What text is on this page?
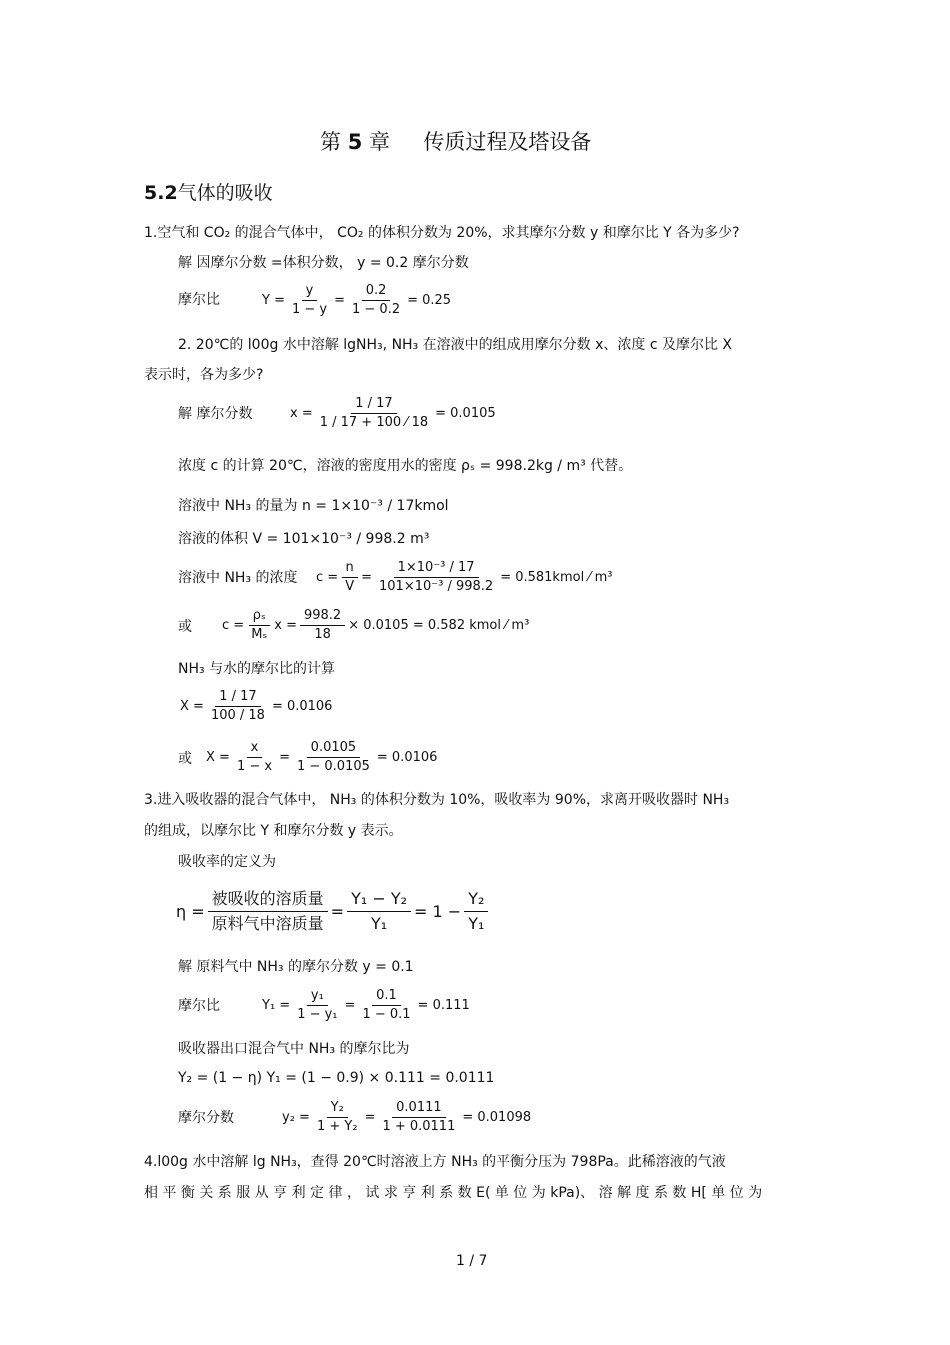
第 5 章 传质过程及塔设备
5.2气体的吸收
1.空气和 CO₂ 的混合气体中， CO₂ 的体积分数为 20%，求其摩尔分数 y 和摩尔比 Y 各为多少?
解 因摩尔分数 =体积分数， y = 0.2 摩尔分数
摩尔比	$Y = \frac{y}{1 - y} = \frac{0.2}{1 - 0.2} = 0.25$
2. 20℃的 l00g 水中溶解 lgNH₃, NH₃ 在溶液中的组成用摩尔分数 x、浓度 c 及摩尔比 X
表示时，各为多少?
解 摩尔分数	$x = \frac{1 / 17}{1 / 17 + 100 ⁄ 18} = 0.0105$
浓度 c 的计算 20℃，溶液的密度用水的密度 ρₛ = 998.2kg / m³ 代替。
溶液中 NH₃ 的量为 n = 1×10⁻³ / 17kmol
溶液的体积 V = 101×10⁻³ / 998.2 m³
溶液中 NH₃ 的浓度 $c = \frac{n}{V} = \frac{\text{1×10⁻³ / 17}}{\text{101×10⁻³ / 998.2}}$ = 0.581kmol ⁄ m³
或 $c = \frac{\text{ρₛ}}{\text{Mₛ}}$ $x = \frac{998.2}{18} \times 0.0105 = 0.582$ kmol ⁄ m³
NH₃ 与水的摩尔比的计算
$X = \frac{1 / 17}{100 / 18} = 0.0106$
或 $X = \frac{x}{1 - x} = \frac{0.0105}{1 - 0.0105} = 0.0106$
3.进入吸收器的混合气体中， NH₃ 的体积分数为 10%，吸收率为 90%，求离开吸收器时 NH₃
的组成，以摩尔比 Y 和摩尔分数 y 表示。
吸收率的定义为
$\eta = \frac{\text{被吸收的溶质量}}{\text{原料气中溶质量}} = \frac{\text{Y₁ − Y₂}}{\text{Y₁}} = 1 - \frac{\text{Y₂}}{\text{Y₁}}$
解 原料气中 NH₃ 的摩尔分数 y = 0.1
摩尔比	$Y_1 = \frac{\text{y₁}}{\text{1 − y₁}} = \frac{0.1}{1 - 0.1} = 0.111$
吸收器出口混合气中 NH₃ 的摩尔比为
Y₂ = (1 − η) Y₁ = (1 − 0.9) × 0.111 = 0.0111
摩尔分数	$y_2 = \frac{\text{Y₂}}{\text{1 + Y₂}} = \frac{0.0111}{1 + 0.0111} = 0.01098$
4.l00g 水中溶解 lg NH₃，查得 20℃时溶液上方 NH₃ 的平衡分压为 798Pa。此稀溶液的气液
相 平 衡 关 系 服 从 亨 利 定 律 ， 试 求 亨 利 系 数 E( 单 位 为 kPa)、 溶 解 度 系 数 H[ 单 位 为
1 / 7
